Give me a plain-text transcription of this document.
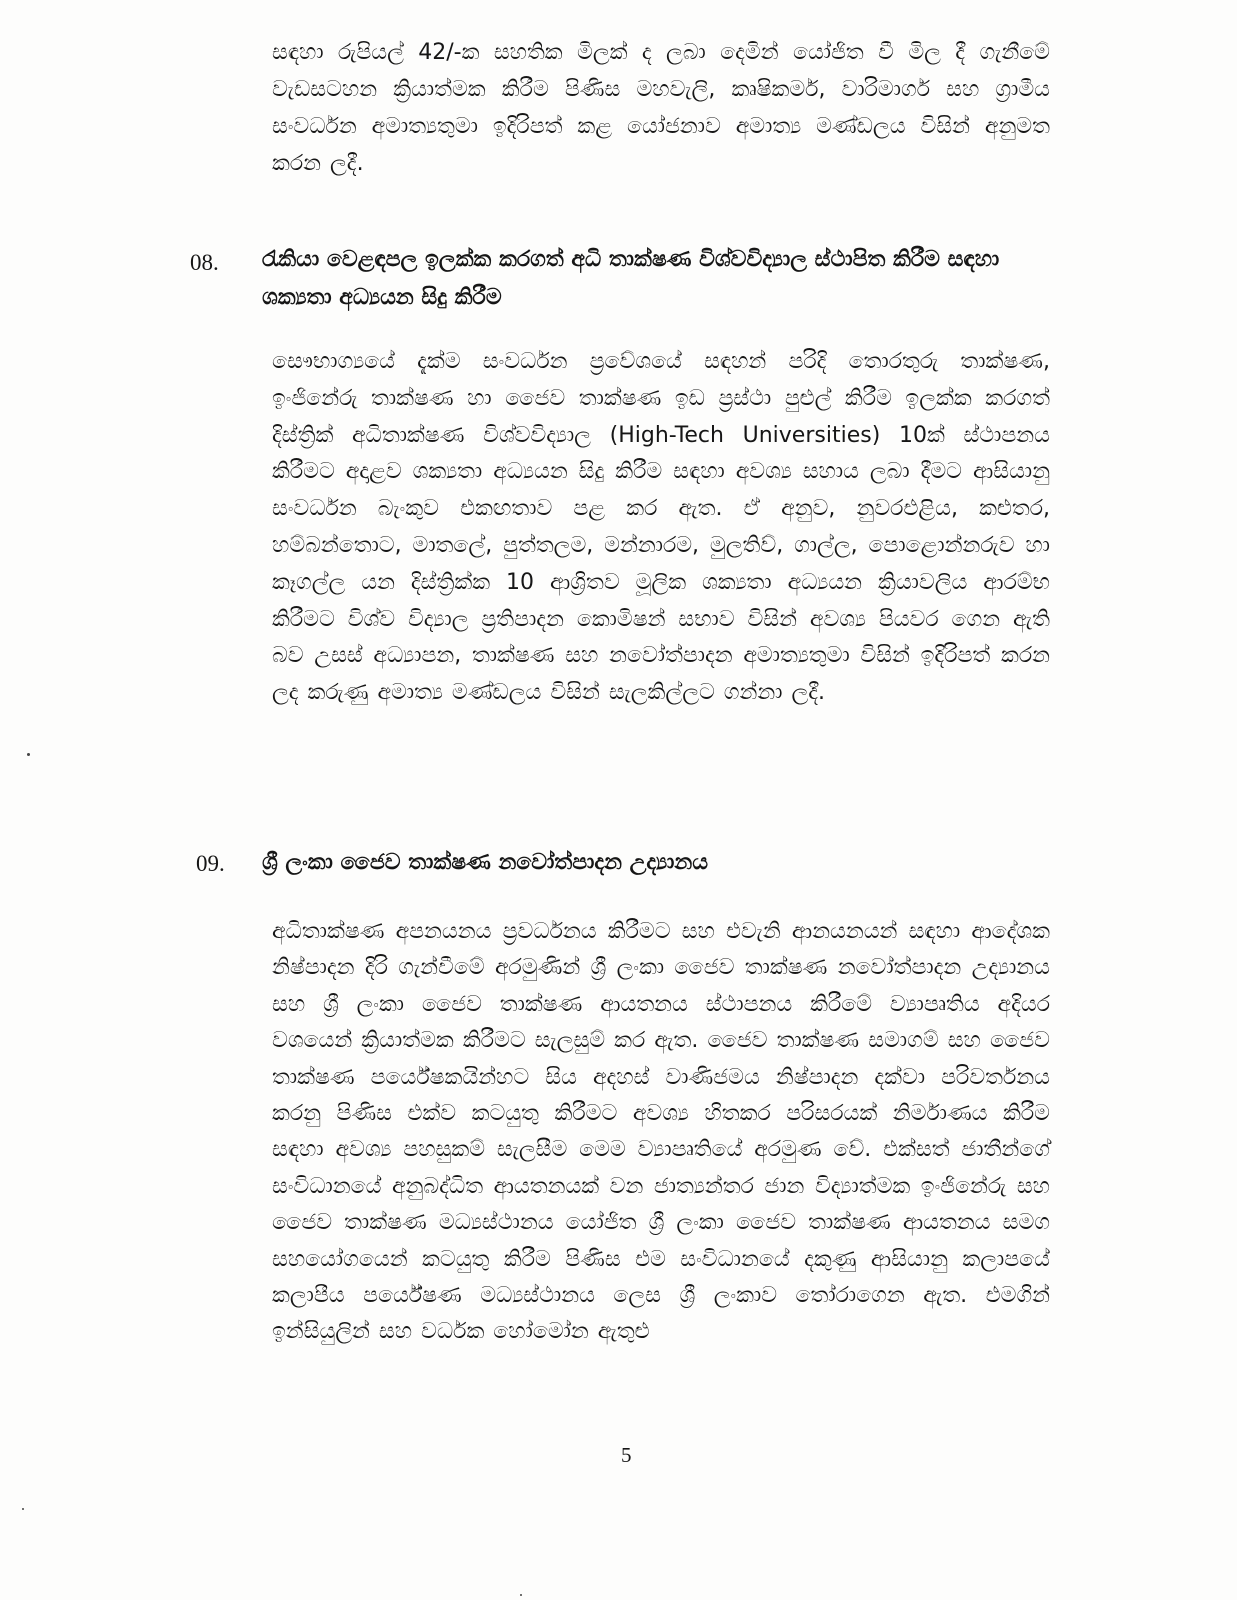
සඳහා රුපියල් 42/-ක සහතික මිලක් ද ලබා දෙමින් යෝජිත වී මිල දී ගැනීමේ වැඩසටහන ක්‍රියාත්මක කිරීම පිණිස මහවැලි, කෘෂිකර්ම, වාරිමාර්ග සහ ග්‍රාමීය සංවර්ධන අමාත්‍යතුමා ඉදිරිපත් කළ යෝජනාව අමාත්‍ය මණ්ඩලය විසින් අනුමත කරන ලදී.

08. රැකියා වෙළඳපල ඉලක්ක කරගත් අධි තාක්ෂණ විශ්වවිද්‍යාල ස්ථාපිත කිරීම සඳහා ශක්‍යතා අධ්‍යයන සිදු කිරීම

සෞභාග්‍යයේ දැක්ම සංවර්ධන ප්‍රවේශයේ සඳහන් පරිදි තොරතුරු තාක්ෂණ, ඉංජිනේරු තාක්ෂණ හා ජෛව තාක්ෂණ ඉඩ ප්‍රස්ථා පුළුල් කිරීම ඉලක්ක කරගත් දිස්ත්‍රික් අධිතාක්ෂණ විශ්වවිද්‍යාල (High-Tech Universities) 10ක් ස්ථාපනය කිරීමට අදාළව ශක්‍යතා අධ්‍යයන සිදු කිරීම සඳහා අවශ්‍ය සහාය ලබා දීමට ආසියානු සංවර්ධන බැංකුව එකඟතාව පළ කර ඇත. ඒ අනුව, නුවරඑළිය, කළුතර, හම්බන්තොට, මාතලේ, පුත්තලම, මන්නාරම, මුලතිව්, ගාල්ල, පොළොන්නරුව හා කෑගල්ල යන දිස්ත්‍රික්ක 10 ආශ්‍රිතව මූලික ශක්‍යතා අධ්‍යයන ක්‍රියාවලිය ආරම්භ කිරීමට විශ්ව විද්‍යාල ප්‍රතිපාදන කොමිෂන් සභාව විසින් අවශ්‍ය පියවර ගෙන ඇති බව උසස් අධ්‍යාපන, තාක්ෂණ සහ නවෝත්පාදන අමාත්‍යතුමා විසින් ඉදිරිපත් කරන ලද කරුණු අමාත්‍ය මණ්ඩලය විසින් සැලකිල්ලට ගන්නා ලදී.

09. ශ්‍රී ලංකා ජෛව තාක්ෂණ නවෝත්පාදන උද්‍යානය

අධිතාක්ෂණ අපනයනය ප්‍රවර්ධනය කිරීමට සහ එවැනි ආනයනයන් සඳහා ආදේශක නිෂ්පාදන දිරි ගැන්වීමේ අරමුණින් ශ්‍රී ලංකා ජෛව තාක්ෂණ නවෝත්පාදන උද්‍යානය සහ ශ්‍රී ලංකා ජෛව තාක්ෂණ ආයතනය ස්ථාපනය කිරීමේ ව්‍යාපෘතිය අදියර වශයෙන් ක්‍රියාත්මක කිරීමට සැලසුම් කර ඇත. ජෛව තාක්ෂණ සමාගම් සහ ජෛව තාක්ෂණ පර්යේෂකයින්හට සිය අදහස් වාණිජමය නිෂ්පාදන දක්වා පරිවර්තනය කරනු පිණිස එක්ව කටයුතු කිරීමට අවශ්‍ය හිතකර පරිසරයක් නිර්මාණය කිරීම සඳහා අවශ්‍ය පහසුකම් සැලසීම මෙම ව්‍යාපෘතියේ අරමුණ වේ. එක්සත් ජාතීන්ගේ සංවිධානයේ අනුබද්ධිත ආයතනයක් වන ජාත්‍යන්තර ජාන විද්‍යාත්මක ඉංජිනේරු සහ ජෛව තාක්ෂණ මධ්‍යස්ථානය යෝජිත ශ්‍රී ලංකා ජෛව තාක්ෂණ ආයතනය සමග සහයෝගයෙන් කටයුතු කිරීම පිණිස එම සංවිධානයේ දකුණු ආසියානු කලාපයේ කලාපීය පර්යේෂණ මධ්‍යස්ථානය ලෙස ශ්‍රී ලංකාව තෝරාගෙන ඇත. එමගින් ඉන්සියුලින් සහ වර්ධක හෝමෝන ඇතුළු

5
